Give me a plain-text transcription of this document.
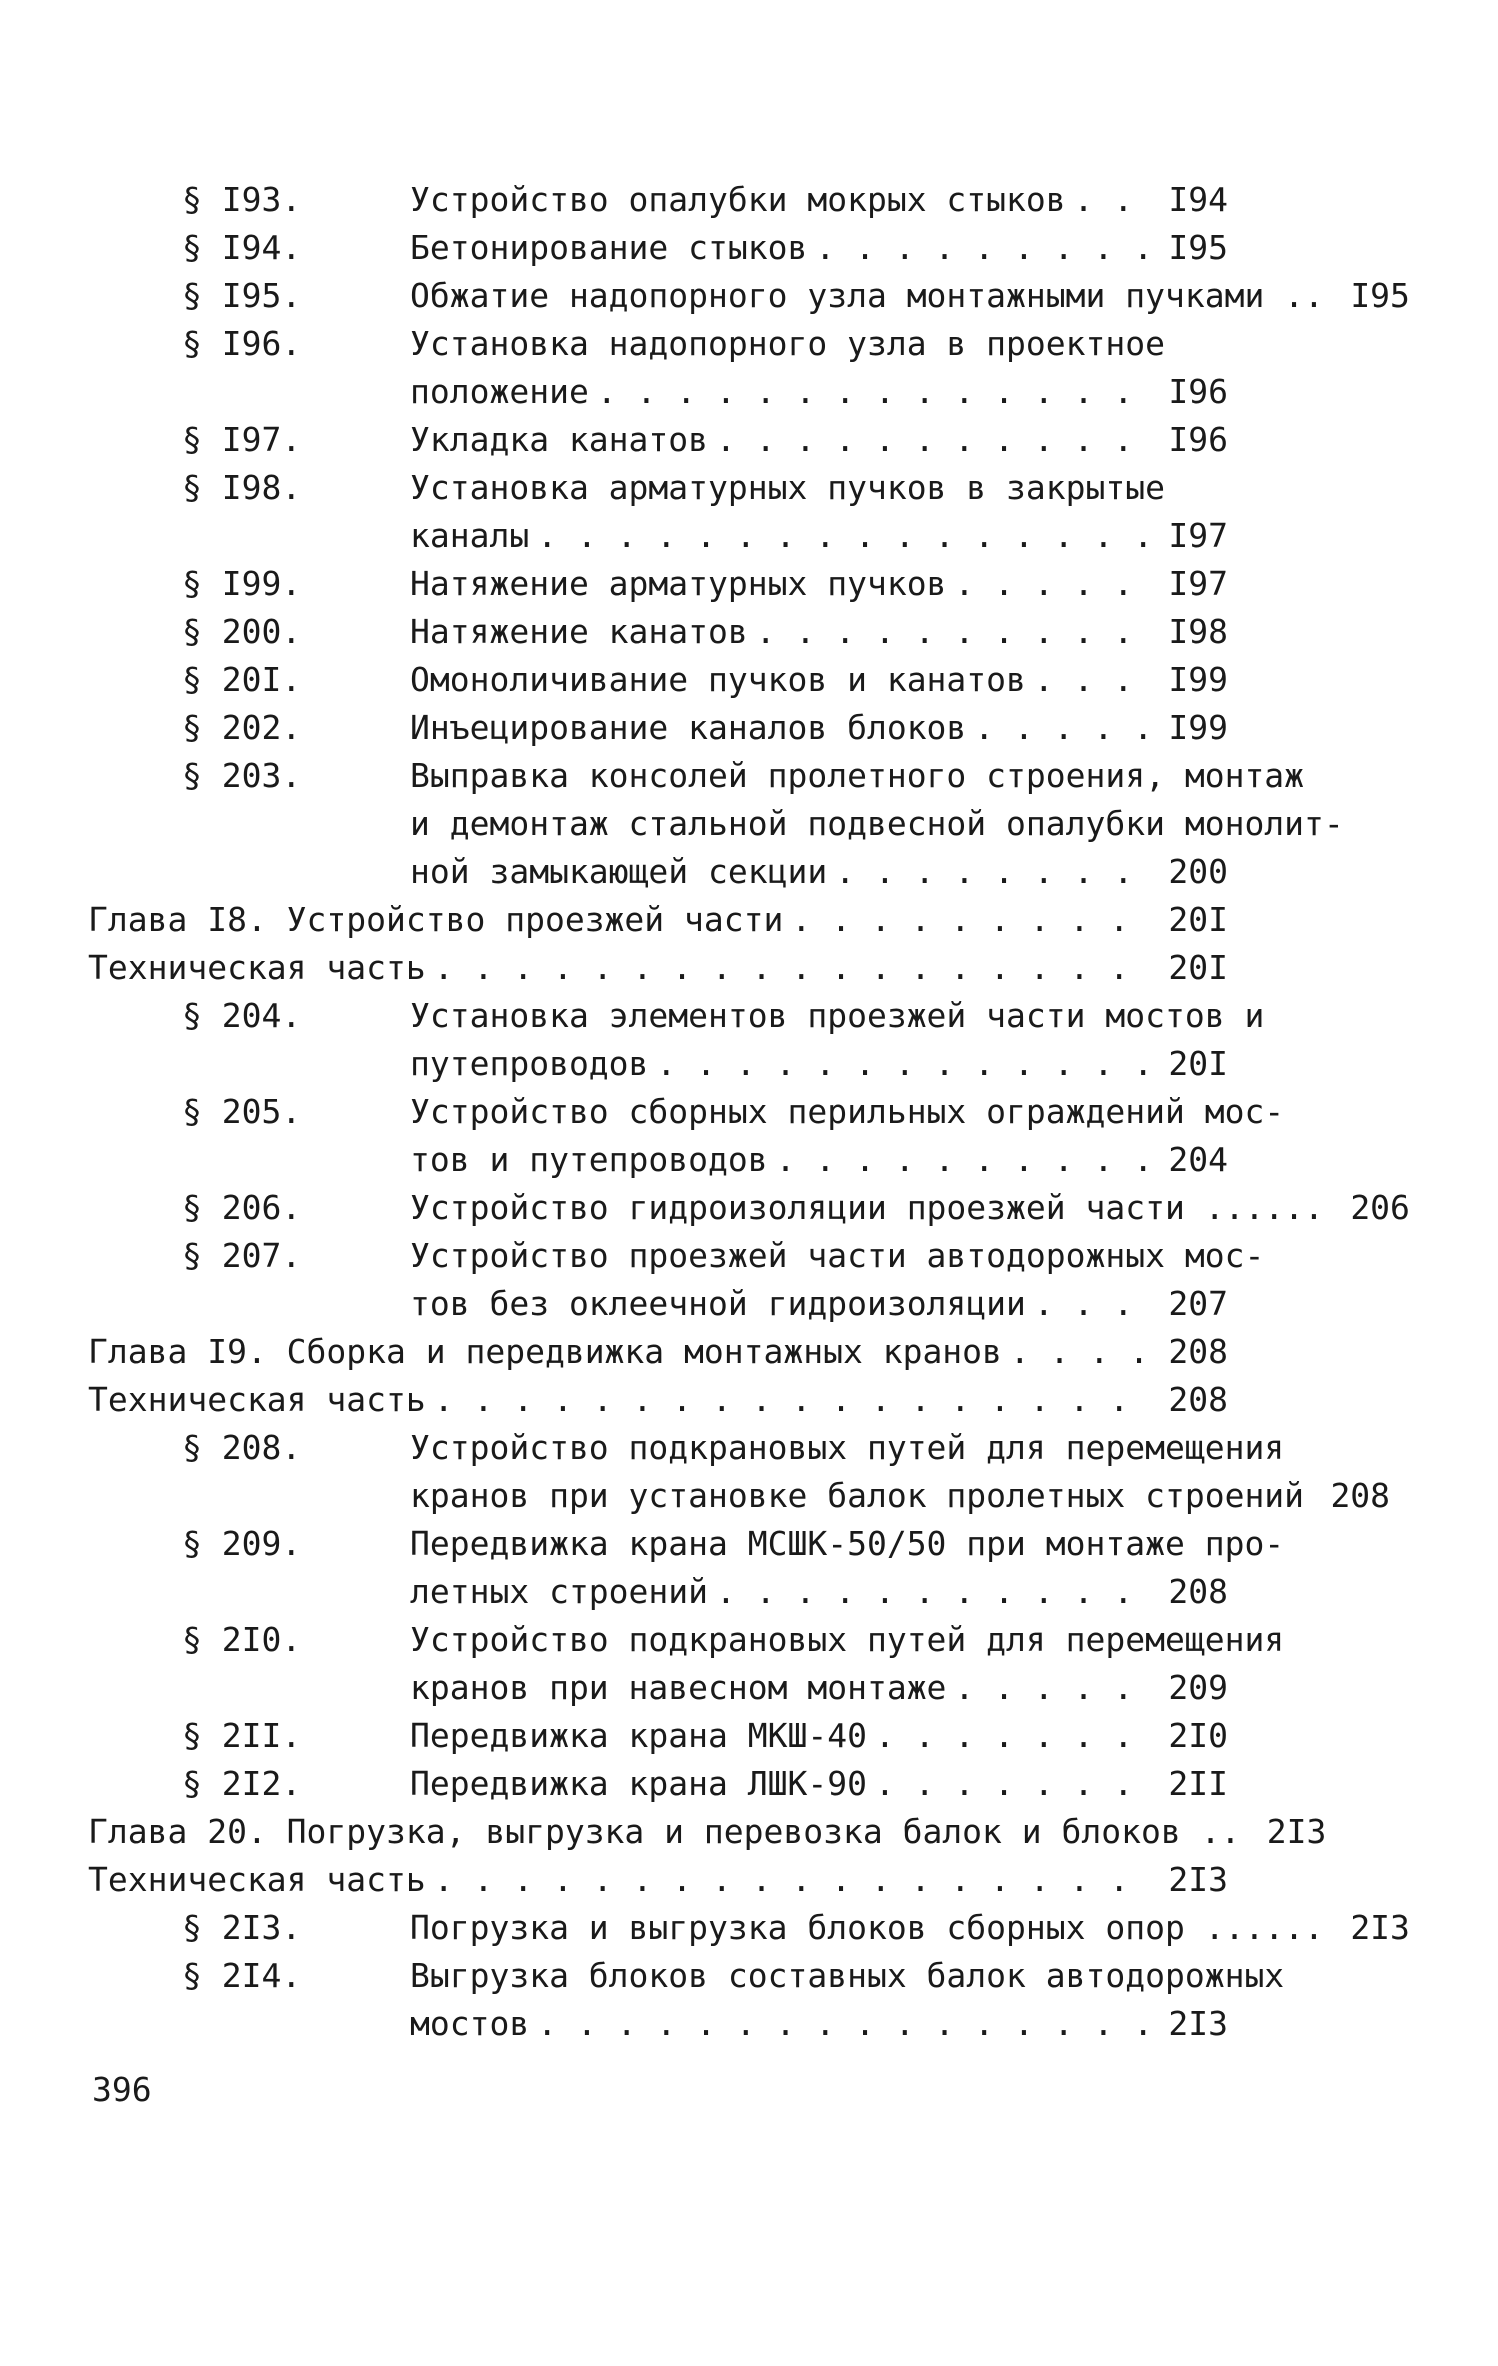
§ I93.	Устройство опалубки мокрых стыков . . .	I94
§ I94.	Бетонирование стыков . . .	I95
§ I95.	Обжатие надопорного узла монтажными пучками .. I95
§ I96.	Установка надопорного узла в проектное
положение . . .	I96
§ I97.	Укладка канатов . . .	I96
§ I98.	Установка арматурных пучков в закрытые
каналы . . .	I97
§ I99.	Натяжение арматурных пучков . . .	I97
§ 200.	Натяжение канатов . . .	I98
§ 20I.	Омоноличивание пучков и канатов . . .	I99
§ 202.	Инъецирование каналов блоков . . .	I99
§ 203.	Выправка консолей пролетного строения, монтаж
и демонтаж стальной подвесной опалубки монолит-
ной замыкающей секции . . .	200
Глава I8. Устройство проезжей части . . .	20I
Техническая часть . . .	20I
§ 204.	Установка элементов проезжей части мостов и
путепроводов . . .	20I
§ 205.	Устройство сборных перильных ограждений мос-
тов и путепроводов . . .	204
§ 206.	Устройство гидроизоляции проезжей части ...... 206
§ 207.	Устройство проезжей части автодорожных мос-
тов без оклеечной гидроизоляции . . .	207
Глава I9. Сборка и передвижка монтажных кранов . . .	208
Техническая часть . . .	208
§ 208.	Устройство подкрановых путей для перемещения
кранов при установке балок пролетных строений 208
§ 209.	Передвижка крана МСШК-50/50 при монтаже про-
летных строений . . .	208
§ 2I0.	Устройство подкрановых путей для перемещения
кранов при навесном монтаже . . .	209
§ 2II.	Передвижка крана МКШ-40 . . .	2I0
§ 2I2.	Передвижка крана ЛШК-90 . . .	2II
Глава 20. Погрузка, выгрузка и перевозка балок и блоков .. 2I3
Техническая часть . . .	2I3
§ 2I3.	Погрузка и выгрузка блоков сборных опор ...... 2I3
§ 2I4.	Выгрузка блоков составных балок автодорожных
мостов . . .	2I3
396
